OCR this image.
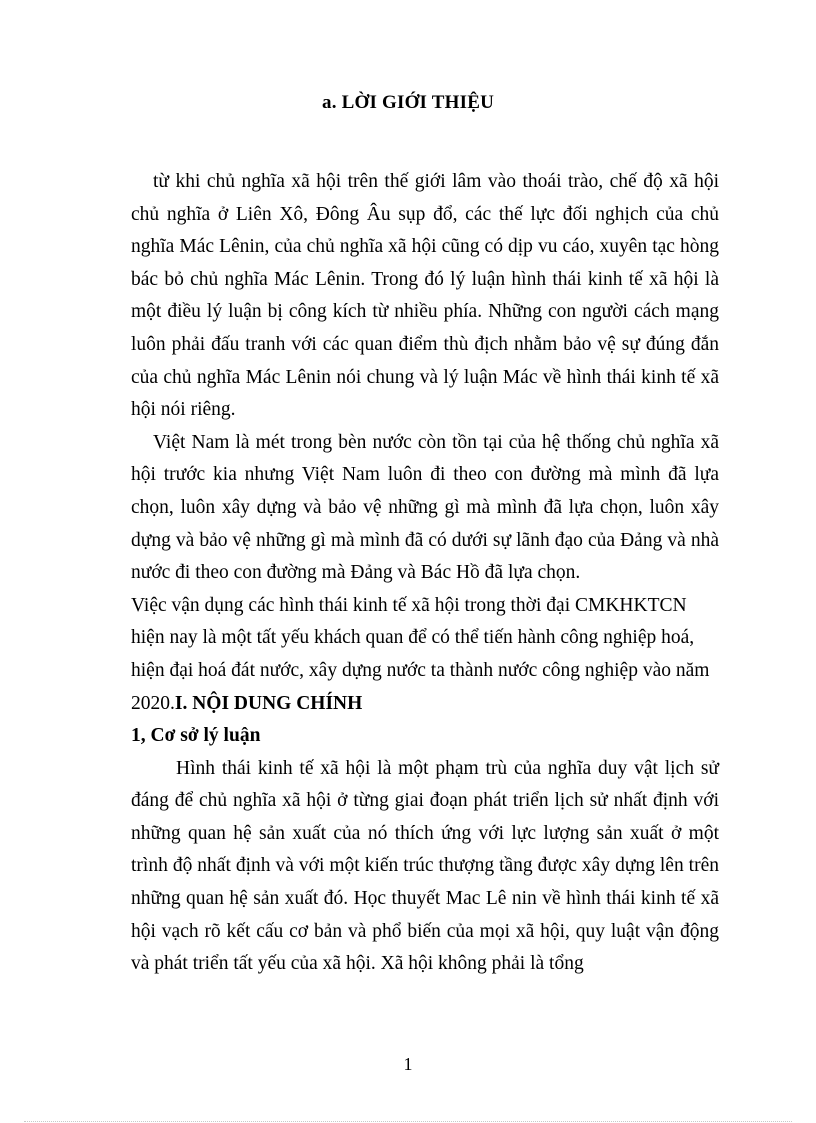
a. LỜI GIỚI THIỆU

từ khi chủ nghĩa xã hội trên thế giới lâm vào thoái trào, chế độ xã hội chủ nghĩa ở Liên Xô, Đông Âu sụp đổ, các thế lực đối nghịch của chủ nghĩa Mác Lênin, của chủ nghĩa xã hội cũng có dịp vu cáo, xuyên tạc hòng bác bỏ chủ nghĩa Mác Lênin. Trong đó lý luận hình thái kinh tế xã hội là một điều lý luận bị công kích từ nhiều phía. Những con người cách mạng luôn phải đấu tranh với các quan điểm thù địch nhằm bảo vệ sự đúng đắn của chủ nghĩa Mác Lênin nói chung và lý luận Mác về hình thái kinh tế xã hội nói riêng.

Việt Nam là mét trong bèn nước còn tồn tại của hệ thống chủ nghĩa xã hội trước kia nhưng Việt Nam luôn đi theo con đường mà mình đã lựa chọn, luôn xây dựng và bảo vệ những gì mà mình đã lựa chọn, luôn xây dựng và bảo vệ những gì mà mình đã có dưới sự lãnh đạo của Đảng và nhà nước đi theo con đường mà Đảng và Bác Hồ đã lựa chọn.

Việc vận dụng các hình thái kinh tế xã hội trong thời đại CMKHKTCN hiện nay là một tất yếu khách quan để có thể tiến hành công nghiệp hoá, hiện đại hoá đát nước, xây dựng nước ta thành nước công nghiệp vào năm 2020.I. NỘI DUNG CHÍNH

1, Cơ sở lý luận

Hình thái kinh tế xã hội là một phạm trù của nghĩa duy vật lịch sử đáng để chủ nghĩa xã hội ở từng giai đoạn phát triển lịch sử nhất định với những quan hệ sản xuất của nó thích ứng với lực lượng sản xuất ở một trình độ nhất định và với một kiến trúc thượng tầng được xây dựng lên trên những quan hệ sản xuất đó. Học thuyết Mac Lê nin về hình thái kinh tế xã hội vạch rõ kết cấu cơ bản và phổ biến của mọi xã hội, quy luật vận động và phát triển tất yếu của xã hội. Xã hội không phải là tổng

1
